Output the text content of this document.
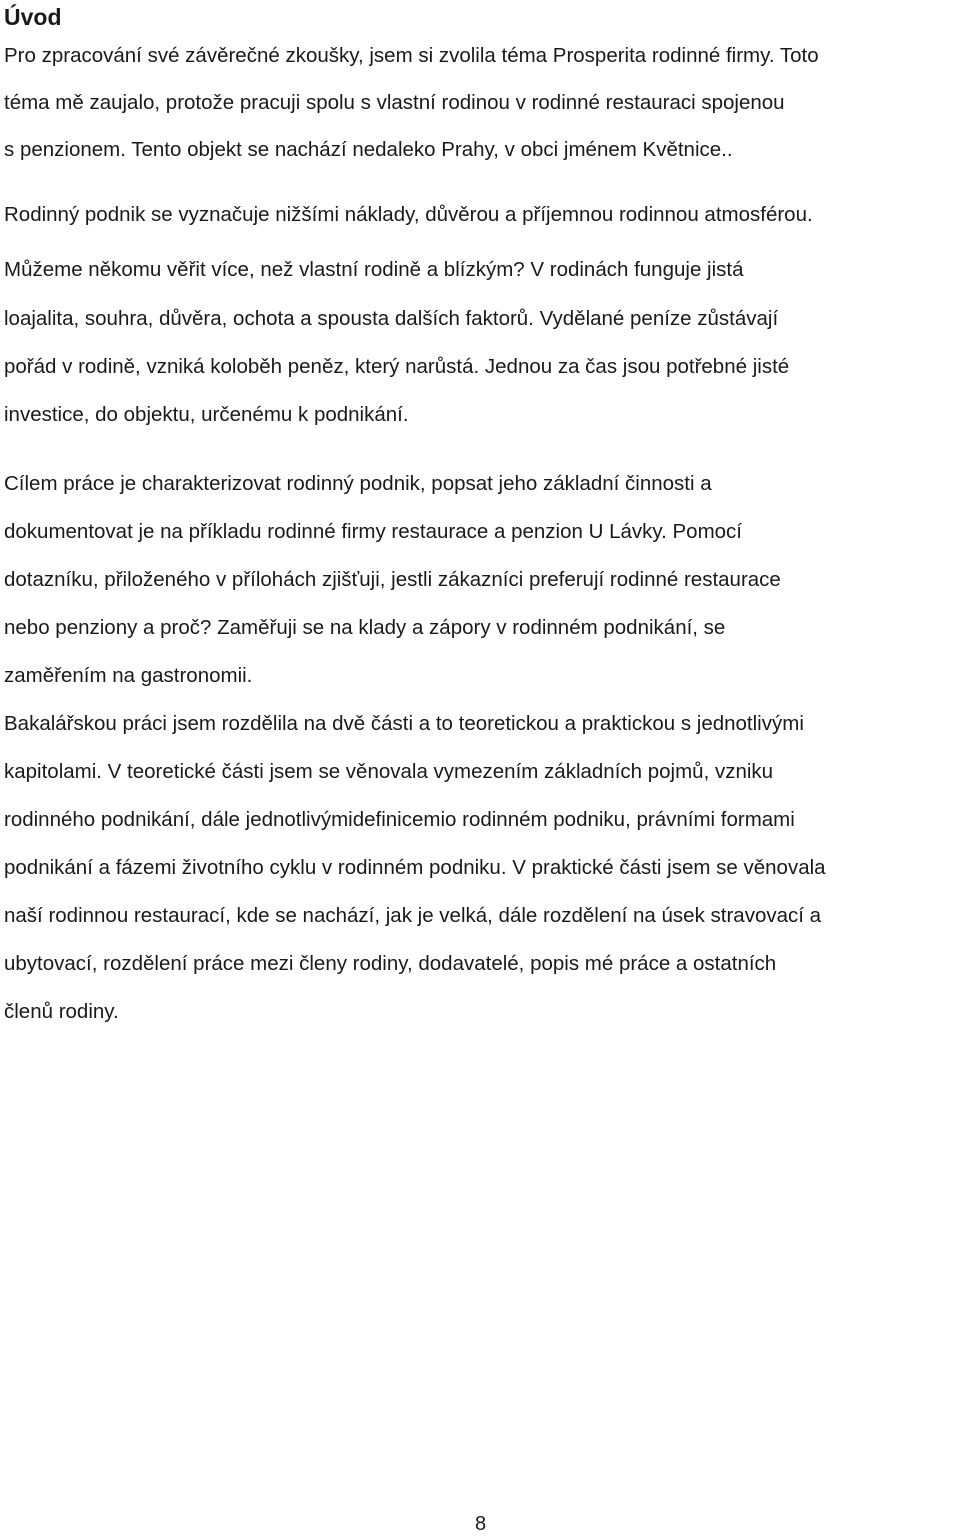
Úvod

Pro zpracování své závěrečné zkoušky, jsem si zvolila téma Prosperita rodinné firmy. Toto

téma mě zaujalo, protože pracuji spolu s vlastní rodinou v rodinné restauraci spojenou

s penzionem. Tento objekt se nachází nedaleko Prahy, v obci jménem Květnice..

Rodinný podnik se vyznačuje nižšími náklady, důvěrou a příjemnou rodinnou atmosférou.

Můžeme někomu věřit více, než vlastní rodině a blízkým? V rodinách funguje jistá

loajalita, souhra, důvěra, ochota a spousta dalších faktorů. Vydělané peníze zůstávají

pořád v rodině, vzniká koloběh peněz, který narůstá. Jednou za čas jsou potřebné jisté

investice, do objektu, určenému k podnikání.

Cílem práce je charakterizovat rodinný podnik, popsat jeho základní činnosti a

dokumentovat je na příkladu rodinné firmy restaurace a penzion U Lávky. Pomocí

dotazníku, přiloženého v přílohách zjišťuji, jestli zákazníci preferují rodinné restaurace

nebo penziony a proč? Zaměřuji se na klady a zápory v rodinném podnikání, se

zaměřením na gastronomii.

Bakalářskou práci jsem rozdělila na dvě části a to teoretickou a praktickou s jednotlivými

kapitolami. V teoretické části jsem se věnovala vymezením základních pojmů, vzniku

rodinného podnikání, dále jednotlivýmidefinicemio rodinném podniku, právními formami

podnikání a fázemi životního cyklu v rodinném podniku. V praktické části jsem se věnovala

naší rodinnou restaurací, kde se nachází, jak je velká, dále rozdělení na úsek stravovací a

ubytovací, rozdělení práce mezi členy rodiny, dodavatelé, popis mé práce a ostatních

členů rodiny.

8
